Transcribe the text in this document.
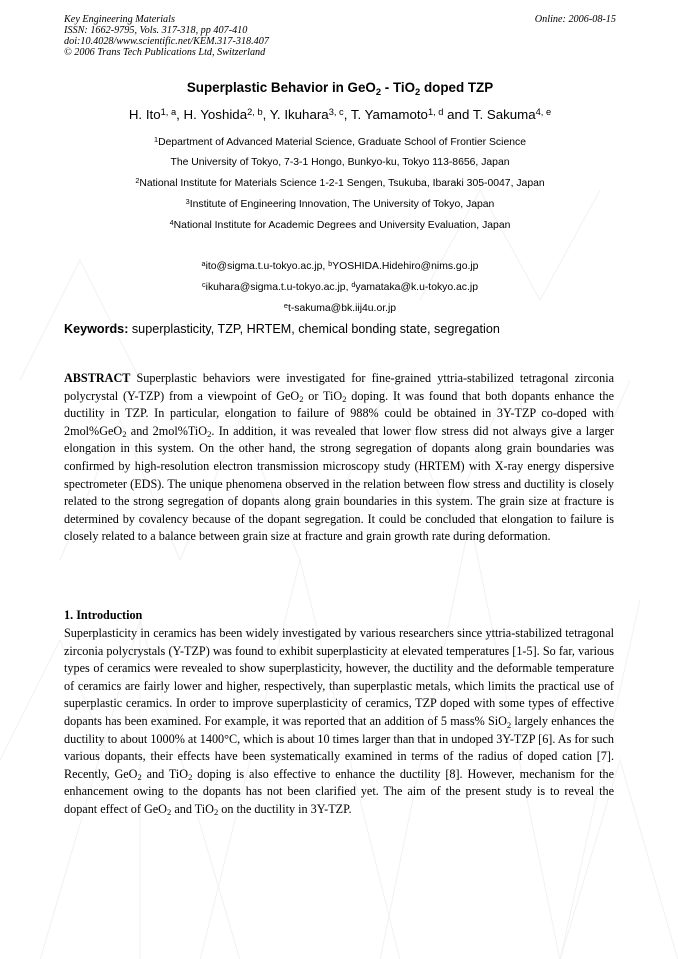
Key Engineering Materials
ISSN: 1662-9795, Vols. 317-318, pp 407-410
doi:10.4028/www.scientific.net/KEM.317-318.407
© 2006 Trans Tech Publications Ltd, Switzerland
Online: 2006-08-15
Superplastic Behavior in GeO$_2$ - TiO$_2$ doped TZP
H. Ito$^{1, a}$, H. Yoshida$^{2, b}$, Y. Ikuhara$^{3, c}$, T. Yamamoto$^{1, d}$ and T. Sakuma$^{4, e}$
$^1$Department of Advanced Material Science, Graduate School of Frontier Science
The University of Tokyo, 7-3-1 Hongo, Bunkyo-ku, Tokyo 113-8656, Japan
$^2$National Institute for Materials Science 1-2-1 Sengen, Tsukuba, Ibaraki 305-0047, Japan
$^3$Institute of Engineering Innovation, The University of Tokyo, Japan
$^4$National Institute for Academic Degrees and University Evaluation, Japan
$^a$ito@sigma.t.u-tokyo.ac.jp, $^b$YOSHIDA.Hidehiro@nims.go.jp
$^c$ikuhara@sigma.t.u-tokyo.ac.jp, $^d$yamataka@k.u-tokyo.ac.jp
$^e$t-sakuma@bk.iij4u.or.jp
Keywords: superplasticity, TZP, HRTEM, chemical bonding state, segregation
ABSTRACT Superplastic behaviors were investigated for fine-grained yttria-stabilized tetragonal zirconia polycrystal (Y-TZP) from a viewpoint of GeO$_2$ or TiO$_2$ doping. It was found that both dopants enhance the ductility in TZP. In particular, elongation to failure of 988% could be obtained in 3Y-TZP co-doped with 2mol%GeO$_2$ and 2mol%TiO$_2$. In addition, it was revealed that lower flow stress did not always give a larger elongation in this system. On the other hand, the strong segregation of dopants along grain boundaries was confirmed by high-resolution electron transmission microscopy study (HRTEM) with X-ray energy dispersive spectrometer (EDS). The unique phenomena observed in the relation between flow stress and ductility is closely related to the strong segregation of dopants along grain boundaries in this system. The grain size at fracture is determined by covalency because of the dopant segregation. It could be concluded that elongation to failure is closely related to a balance between grain size at fracture and grain growth rate during deformation.
1. Introduction
Superplasticity in ceramics has been widely investigated by various researchers since yttria-stabilized tetragonal zirconia polycrystals (Y-TZP) was found to exhibit superplasticity at elevated temperatures [1-5]. So far, various types of ceramics were revealed to show superplasticity, however, the ductility and the deformable temperature of ceramics are fairly lower and higher, respectively, than superplastic metals, which limits the practical use of superplastic ceramics. In order to improve superplasticity of ceramics, TZP doped with some types of effective dopants has been examined. For example, it was reported that an addition of 5 mass% SiO$_2$ largely enhances the ductility to about 1000% at 1400°C, which is about 10 times larger than that in undoped 3Y-TZP [6]. As for such various dopants, their effects have been systematically examined in terms of the radius of doped cation [7]. Recently, GeO$_2$ and TiO$_2$ doping is also effective to enhance the ductility [8]. However, mechanism for the enhancement owing to the dopants has not been clarified yet. The aim of the present study is to reveal the dopant effect of GeO$_2$ and TiO$_2$ on the ductility in 3Y-TZP.
